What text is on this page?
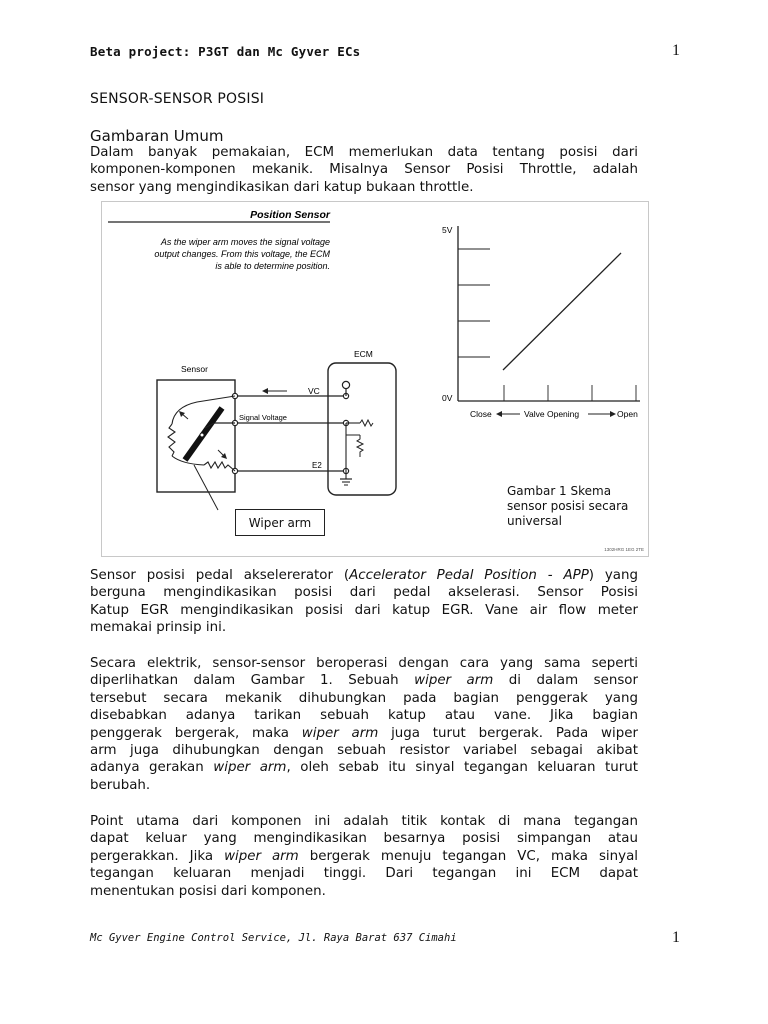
Beta project: P3GT dan Mc Gyver ECs	1
SENSOR-SENSOR POSISI
Gambaran Umum
Dalam banyak pemakaian, ECM memerlukan data tentang posisi dari
komponen-komponen mekanik. Misalnya Sensor Posisi Throttle, adalah
sensor yang mengindikasikan dari katup bukaan throttle.
Position Sensor
As the wiper arm moves the signal voltage
output changes. From this voltage, the ECM
is able to determine position.
ECM
Sensor
VC
Signal Voltage
E2
5V
0V
Close	Valve Opening	Open
1302HRG 1EG 2TE
Wiper arm
Gambar 1 Skema sensor posisi secara universal
Sensor posisi pedal akselererator (Accelerator Pedal Position - APP) yang
berguna mengindikasikan posisi dari pedal akselerasi. Sensor Posisi
Katup EGR mengindikasikan posisi dari katup EGR. Vane air flow meter
memakai prinsip ini.
Secara elektrik, sensor-sensor beroperasi dengan cara yang sama seperti
diperlihatkan dalam Gambar 1. Sebuah wiper arm di dalam sensor
tersebut secara mekanik dihubungkan pada bagian penggerak yang
disebabkan adanya tarikan sebuah katup atau vane. Jika bagian
penggerak bergerak, maka wiper arm juga turut bergerak. Pada wiper
arm juga dihubungkan dengan sebuah resistor variabel sebagai akibat
adanya gerakan wiper arm, oleh sebab itu sinyal tegangan keluaran turut
berubah.
Point utama dari komponen ini adalah titik kontak di mana tegangan
dapat keluar yang mengindikasikan besarnya posisi simpangan atau
pergerakkan. Jika wiper arm bergerak menuju tegangan VC, maka sinyal
tegangan keluaran menjadi tinggi. Dari tegangan ini ECM dapat
menentukan posisi dari komponen.
Mc Gyver Engine Control Service, Jl. Raya Barat 637 Cimahi	1
